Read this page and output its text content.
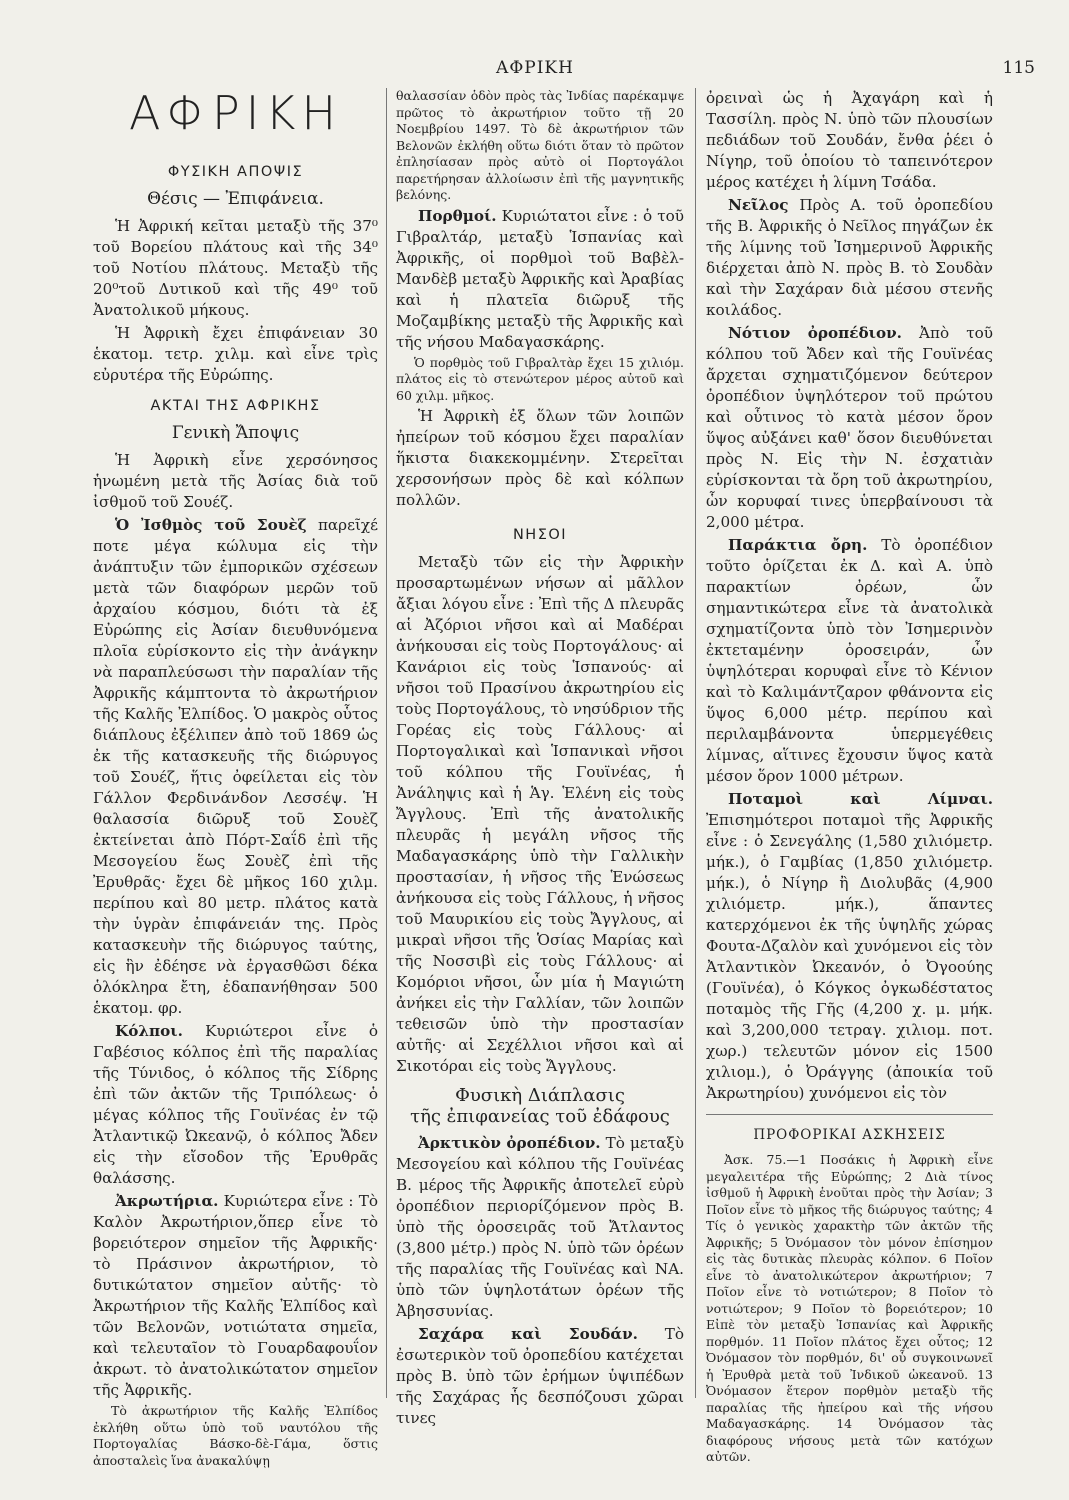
ΑΦΡΙΚΗ	115
ΑΦΡΙΚΗ
ΦΥΣΙΚΗ ΑΠΟΨΙΣ
Θέσις — Ἐπιφάνεια.

Ἡ Ἀφρική κεῖται μεταξὺ τῆς 37⁰ τοῦ Βορείου πλάτους καὶ τῆς 34⁰ τοῦ Νοτίου πλάτους. Μεταξὺ τῆς 20⁰τοῦ Δυτικοῦ καὶ τῆς 49⁰ τοῦ Ἀνατολικοῦ μήκους.

Ἡ Ἀφρικὴ ἔχει ἐπιφάνειαν 30 ἑκατομ. τετρ. χιλμ. καὶ εἶνε τρὶς εὐρυτέρα τῆς Εὐρώπης.

ΑΚΤΑΙ ΤΗΣ ΑΦΡΙΚΗΣ
Γενικὴ Ἄποψις

Ἡ Ἀφρικὴ εἶνε χερσόνησος ἡνωμένη μετὰ τῆς Ἀσίας διὰ τοῦ ἰσθμοῦ τοῦ Σουέζ.

Ὁ Ἰσθμὸς τοῦ Σουὲζ παρεῖχέ ποτε μέγα κώλυμα εἰς τὴν ἀνάπτυξιν τῶν ἐμπορικῶν σχέσεων μετὰ τῶν διαφόρων μερῶν τοῦ ἀρχαίου κόσμου, διότι τὰ ἐξ Εὐρώπης εἰς Ἀσίαν διευθυνόμενα πλοῖα εὑρίσκοντο εἰς τὴν ἀνάγκην νὰ παραπλεύσωσι τὴν παραλίαν τῆς Ἀφρικῆς κάμπτοντα τὸ ἀκρωτήριον τῆς Καλῆς Ἐλπίδος. Ὁ μακρὸς οὗτος διάπλους ἐξέλιπεν ἀπὸ τοῦ 1869 ὡς ἐκ τῆς κατασκευῆς τῆς διώρυγος τοῦ Σουέζ, ἥτις ὀφείλεται εἰς τὸν Γάλλον Φερδινάνδον Λεσσέψ. Ἡ θαλασσία διῶρυξ τοῦ Σουὲζ ἐκτείνεται ἀπὸ Πόρτ-Σαΐδ ἐπὶ τῆς Μεσογείου ἕως Σουὲζ ἐπὶ τῆς Ἐρυθρᾶς· ἔχει δὲ μῆκος 160 χιλμ. περίπου καὶ 80 μετρ. πλάτος κατὰ τὴν ὑγρὰν ἐπιφάνειάν της. Πρὸς κατασκευὴν τῆς διώρυγος ταύτης, εἰς ἣν ἐδέησε νὰ ἐργασθῶσι δέκα ὁλόκληρα ἔτη, ἐδαπανήθησαν 500 ἑκατομ. φρ.

Κόλποι. Κυριώτεροι εἶνε ὁ Γαβέσιος κόλπος ἐπὶ τῆς παραλίας τῆς Τύνιδος, ὁ κόλπος τῆς Σίδρης ἐπὶ τῶν ἀκτῶν τῆς Τριπόλεως· ὁ μέγας κόλπος τῆς Γουϊνέας ἐν τῷ Ἀτλαντικῷ Ὠκεανῷ, ὁ κόλπος Ἄδεν εἰς τὴν εἴσοδον τῆς Ἐρυθρᾶς θαλάσσης.

Ἀκρωτήρια. Κυριώτερα εἶνε : Τὸ Καλὸν Ἀκρωτήριον,ὅπερ εἶνε τὸ βορειότερον σημεῖον τῆς Ἀφρικῆς· τὸ Πράσινον ἀκρωτήριον, τὸ δυτικώτατον σημεῖον αὐτῆς· τὸ Ἀκρωτήριον τῆς Καλῆς Ἐλπίδος καὶ τῶν Βελονῶν, νοτιώτατα σημεῖα, καὶ τελευταῖον τὸ Γουαρδαφουΐον ἀκρωτ. τὸ ἀνατολικώτατον σημεῖον τῆς Ἀφρικῆς.

Τὸ ἀκρωτήριον τῆς Καλῆς Ἐλπίδος ἐκλήθη οὕτω ὑπὸ τοῦ ναυτόλου τῆς Πορτογαλίας Βάσκο-δὲ-Γάμα, ὅστις ἀποσταλεὶς ἵνα ἀνακαλύψῃ

θαλασσίαν ὁδὸν πρὸς τὰς Ἰνδίας παρέκαμψε πρῶτος τὸ ἀκρωτήριον τοῦτο τῇ 20 Νοεμβρίου 1497. Τὸ δὲ ἀκρωτήριον τῶν Βελονῶν ἐκλήθη οὕτω διότι ὅταν τὸ πρῶτον ἐπλησίασαν πρὸς αὐτὸ οἱ Πορτογάλοι παρετήρησαν ἀλλοίωσιν ἐπὶ τῆς μαγνητικῆς βελόνης.

Πορθμοί. Κυριώτατοι εἶνε : ὁ τοῦ Γιβραλτάρ, μεταξὺ Ἱσπανίας καὶ Ἀφρικῆς, οἱ πορθμοὶ τοῦ Βαβὲλ-Μανδὲβ μεταξὺ Ἀφρικῆς καὶ Ἀραβίας καὶ ἡ πλατεῖα διῶρυξ τῆς Μοζαμβίκης μεταξὺ τῆς Ἀφρικῆς καὶ τῆς νήσου Μαδαγασκάρης.

Ὁ πορθμὸς τοῦ Γιβραλτὰρ ἔχει 15 χιλιόμ. πλάτος εἰς τὸ στενώτερον μέρος αὐτοῦ καὶ 60 χιλμ. μῆκος.

Ἡ Ἀφρικὴ ἐξ ὅλων τῶν λοιπῶν ἠπείρων τοῦ κόσμου ἔχει παραλίαν ἥκιστα διακεκομμένην. Στερεῖται χερσονήσων πρὸς δὲ καὶ κόλπων πολλῶν.

ΝΗΣΟΙ

Μεταξὺ τῶν εἰς τὴν Ἀφρικὴν προσαρτωμένων νήσων αἱ μᾶλλον ἄξιαι λόγου εἶνε : Ἐπὶ τῆς Δ πλευρᾶς αἱ Ἀζόριοι νῆσοι καὶ αἱ Μαδέραι ἀνήκουσαι εἰς τοὺς Πορτογάλους· αἱ Κανάριοι εἰς τοὺς Ἱσπανούς· αἱ νῆσοι τοῦ Πρασίνου ἀκρωτηρίου εἰς τοὺς Πορτογάλους, τὸ νησύδριον τῆς Γορέας εἰς τοὺς Γάλλους· αἱ Πορτογαλικαὶ καὶ Ἱσπανικαὶ νῆσοι τοῦ κόλπου τῆς Γουϊνέας, ἡ Ἀνάληψις καὶ ἡ Ἁγ. Ἑλένη εἰς τοὺς Ἄγγλους. Ἐπὶ τῆς ἀνατολικῆς πλευρᾶς ἡ μεγάλη νῆσος τῆς Μαδαγασκάρης ὑπὸ τὴν Γαλλικὴν προστασίαν, ἡ νῆσος τῆς Ἑνώσεως ἀνήκουσα εἰς τοὺς Γάλλους, ἡ νῆσος τοῦ Μαυρικίου εἰς τοὺς Ἄγγλους, αἱ μικραὶ νῆσοι τῆς Ὁσίας Μαρίας καὶ τῆς Νοσσιβὶ εἰς τοὺς Γάλλους· αἱ Κομόριοι νῆσοι, ὧν μία ἡ Μαγιώτη ἀνήκει εἰς τὴν Γαλλίαν, τῶν λοιπῶν τεθεισῶν ὑπὸ τὴν προστασίαν αὐτῆς· αἱ Σεχέλλιοι νῆσοι καὶ αἱ Σικοτόραι εἰς τοὺς Ἄγγλους.

Φυσικὴ Διάπλασις
τῆς ἐπιφανείας τοῦ ἐδάφους

Ἀρκτικὸν ὀροπέδιον. Τὸ μεταξὺ Μεσογείου καὶ κόλπου τῆς Γουϊνέας Β. μέρος τῆς Ἀφρικῆς ἀποτελεῖ εὐρὺ ὀροπέδιον περιορίζόμενον πρὸς Β. ὑπὸ τῆς ὀροσειρᾶς τοῦ Ἄτλαντος (3,800 μέτρ.) πρὸς Ν. ὑπὸ τῶν ὀρέων τῆς παραλίας τῆς Γουϊνέας καὶ ΝΑ. ὑπὸ τῶν ὑψηλοτάτων ὀρέων τῆς Ἀβησσυνίας.

Σαχάρα καὶ Σουδάν. Τὸ ἐσωτερικὸν τοῦ ὀροπεδίου κατέχεται πρὸς Β. ὑπὸ τῶν ἐρήμων ὑψιπέδων τῆς Σαχάρας ἧς δεσπόζουσι χῶραι τινες

ὀρειναὶ ὡς ἡ Ἀχαγάρη καὶ ἡ Τασσίλη. πρὸς Ν. ὑπὸ τῶν πλουσίων πεδιάδων τοῦ Σουδάν, ἔνθα ῥέει ὁ Νίγηρ, τοῦ ὁποίου τὸ ταπεινότερον μέρος κατέχει ἡ λίμνη Τσάδα.

Νεῖλος Πρὸς Α. τοῦ ὀροπεδίου τῆς Β. Ἀφρικῆς ὁ Νεῖλος πηγάζων ἐκ τῆς λίμνης τοῦ Ἰσημερινοῦ Ἀφρικῆς διέρχεται ἀπὸ Ν. πρὸς Β. τὸ Σουδὰν καὶ τὴν Σαχάραν διὰ μέσου στενῆς κοιλάδος.

Νότιον ὀροπέδιον. Ἀπὸ τοῦ κόλπου τοῦ Ἄδεν καὶ τῆς Γουϊνέας ἄρχεται σχηματιζόμενον δεύτερον ὀροπέδιον ὑψηλότερον τοῦ πρώτου καὶ οὗτινος τὸ κατὰ μέσον ὅρον ὕψος αὐξάνει καθ' ὅσον διευθύνεται πρὸς Ν. Εἰς τὴν Ν. ἐσχατιὰν εὑρίσκονται τὰ ὄρη τοῦ ἀκρωτηρίου, ὧν κορυφαί τινες ὑπερβαίνουσι τὰ 2,000 μέτρα.

Παράκτια ὄρη. Τὸ ὀροπέδιον τοῦτο ὁρίζεται ἐκ Δ. καὶ Α. ὑπὸ παρακτίων ὀρέων, ὧν σημαντικώτερα εἶνε τὰ ἀνατολικὰ σχηματίζοντα ὑπὸ τὸν Ἰσημερινὸν ἐκτεταμένην ὀροσειράν, ὧν ὑψηλότεραι κορυφαὶ εἶνε τὸ Κένιον καὶ τὸ Καλιμάντζαρον φθάνοντα εἰς ὕψος 6,000 μέτρ. περίπου καὶ περιλαμβάνοντα ὑπερμεγέθεις λίμνας, αἵτινες ἔχουσιν ὕψος κατὰ μέσον ὅρον 1000 μέτρων.

Ποταμοὶ καὶ Λίμναι. Ἐπισημότεροι ποταμοὶ τῆς Ἀφρικῆς εἶνε : ὁ Σενεγάλης (1,580 χιλιόμετρ. μήκ.), ὁ Γαμβίας (1,850 χιλιόμετρ. μήκ.), ὁ Νίγηρ ἢ Διολυβᾶς (4,900 χιλιόμετρ. μήκ.), ἅπαντες κατερχόμενοι ἐκ τῆς ὑψηλῆς χώρας Φουτα-Δζαλὸν καὶ χυνόμενοι εἰς τὸν Ἀτλαντικὸν Ὠκεανόν, ὁ Ὀγοούης (Γουϊνέα), ὁ Κόγκος ὀγκωδέστατος ποταμὸς τῆς Γῆς (4,200 χ. μ. μήκ. καὶ 3,200,000 τετραγ. χιλιομ. ποτ. χωρ.) τελευτῶν μόνον εἰς 1500 χιλιομ.), ὁ Ὀράγγης (ἀποικία τοῦ Ἀκρωτηρίου) χυνόμενοι εἰς τὸν

ΠΡΟΦΟΡΙΚΑΙ ΑΣΚΗΣΕΙΣ

Ἀσκ. 75.—1 Ποσάκις ἡ Ἀφρικὴ εἶνε μεγαλειτέρα τῆς Εὐρώπης; 2 Διὰ τίνος ἰσθμοῦ ἡ Ἀφρικὴ ἑνοῦται πρὸς τὴν Ἀσίαν; 3 Ποῖον εἶνε τὸ μῆκος τῆς διώρυγος ταύτης; 4 Τίς ὁ γενικὸς χαρακτὴρ τῶν ἀκτῶν τῆς Ἀφρικῆς; 5 Ὀνόμασον τὸν μόνον ἐπίσημον εἰς τὰς δυτικὰς πλευρὰς κόλπον. 6 Ποῖον εἶνε τὸ ἀνατολικώτερον ἀκρωτήριον; 7 Ποῖον εἶνε τὸ νοτιώτερον; 8 Ποῖον τὸ νοτιώτερον; 9 Ποῖον τὸ βορειότερον; 10 Εἰπὲ τὸν μεταξὺ Ἱσπανίας καὶ Ἀφρικῆς πορθμόν. 11 Ποῖον πλάτος ἔχει οὗτος; 12 Ὀνόμασον τὸν πορθμόν, δι' οὗ συγκοινωνεῖ ἡ Ἐρυθρὰ μετὰ τοῦ Ἰνδικοῦ ὠκεανοῦ. 13 Ὀνόμασον ἕτερον πορθμὸν μεταξὺ τῆς παραλίας τῆς ἠπείρου καὶ τῆς νήσου Μαδαγασκάρης. 14 Ὀνόμασον τὰς διαφόρους νήσους μετὰ τῶν κατόχων αὐτῶν.
